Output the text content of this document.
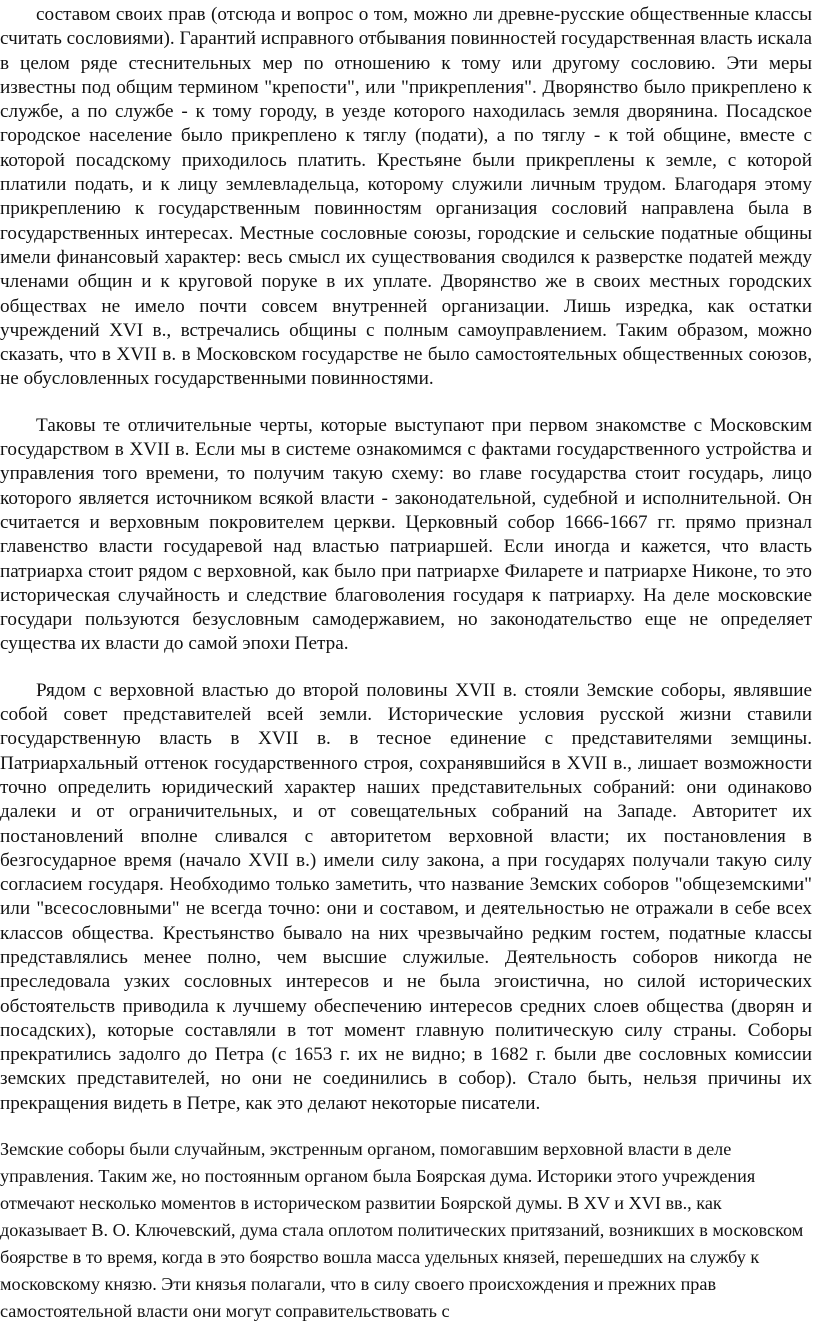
составом своих прав (отсюда и вопрос о том, можно ли древне-русские общественные классы считать сословиями). Гарантий исправного отбывания повинностей государственная власть искала в целом ряде стеснительных мер по отношению к тому или другому сословию. Эти меры известны под общим термином "крепости", или "прикрепления". Дворянство было прикреплено к службе, а по службе - к тому городу, в уезде которого находилась земля дворянина. Посадское городское население было прикреплено к тяглу (подати), а по тяглу - к той общине, вместе с которой посадскому приходилось платить. Крестьяне были прикреплены к земле, с которой платили подать, и к лицу землевладельца, которому служили личным трудом. Благодаря этому прикреплению к государственным повинностям организация сословий направлена была в государственных интересах. Местные сословные союзы, городские и сельские податные общины имели финансовый характер: весь смысл их существования сводился к разверстке податей между членами общин и к круговой поруке в их уплате. Дворянство же в своих местных городских обществах не имело почти совсем внутренней организации. Лишь изредка, как остатки учреждений XVI в., встречались общины с полным самоуправлением. Таким образом, можно сказать, что в XVII в. в Московском государстве не было самостоятельных общественных союзов, не обусловленных государственными повинностями.

Таковы те отличительные черты, которые выступают при первом знакомстве с Московским государством в XVII в. Если мы в системе ознакомимся с фактами государственного устройства и управления того времени, то получим такую схему: во главе государства стоит государь, лицо которого является источником всякой власти - законодательной, судебной и исполнительной. Он считается и верховным покровителем церкви. Церковный собор 1666-1667 гг. прямо признал главенство власти государевой над властью патриаршей. Если иногда и кажется, что власть патриарха стоит рядом с верховной, как было при патриархе Филарете и патриархе Никоне, то это историческая случайность и следствие благоволения государя к патриарху. На деле московские государи пользуются безусловным самодержавием, но законодательство еще не определяет существа их власти до самой эпохи Петра.

Рядом с верховной властью до второй половины XVII в. стояли Земские соборы, являвшие собой совет представителей всей земли. Исторические условия русской жизни ставили государственную власть в XVII в. в тесное единение с представителями земщины. Патриархальный оттенок государственного строя, сохранявшийся в XVII в., лишает возможности точно определить юридический характер наших представительных собраний: они одинаково далеки и от ограничительных, и от совещательных собраний на Западе. Авторитет их постановлений вполне сливался с авторитетом верховной власти; их постановления в безгосударное время (начало XVII в.) имели силу закона, а при государях получали такую силу согласием государя. Необходимо только заметить, что название Земских соборов "общеземскими" или "всесословными" не всегда точно: они и составом, и деятельностью не отражали в себе всех классов общества. Крестьянство бывало на них чрезвычайно редким гостем, податные классы представлялись менее полно, чем высшие служилые. Деятельность соборов никогда не преследовала узких сословных интересов и не была эгоистична, но силой исторических обстоятельств приводила к лучшему обеспечению интересов средних слоев общества (дворян и посадских), которые составляли в тот момент главную политическую силу страны. Соборы прекратились задолго до Петра (с 1653 г. их не видно; в 1682 г. были две сословных комиссии земских представителей, но они не соединились в собор). Стало быть, нельзя причины их прекращения видеть в Петре, как это делают некоторые писатели.

Земские соборы были случайным, экстренным органом, помогавшим верховной власти в деле управления. Таким же, но постоянным органом была Боярская дума. Историки этого учреждения отмечают несколько моментов в историческом развитии Боярской думы. В XV и XVI вв., как доказывает В. О. Ключевский, дума стала оплотом политических притязаний, возникших в московском боярстве в то время, когда в это боярство вошла масса удельных князей, перешедших на службу к московскому князю. Эти князья полагали, что в силу своего происхождения и прежних прав самостоятельной власти они могут соправительствовать с
